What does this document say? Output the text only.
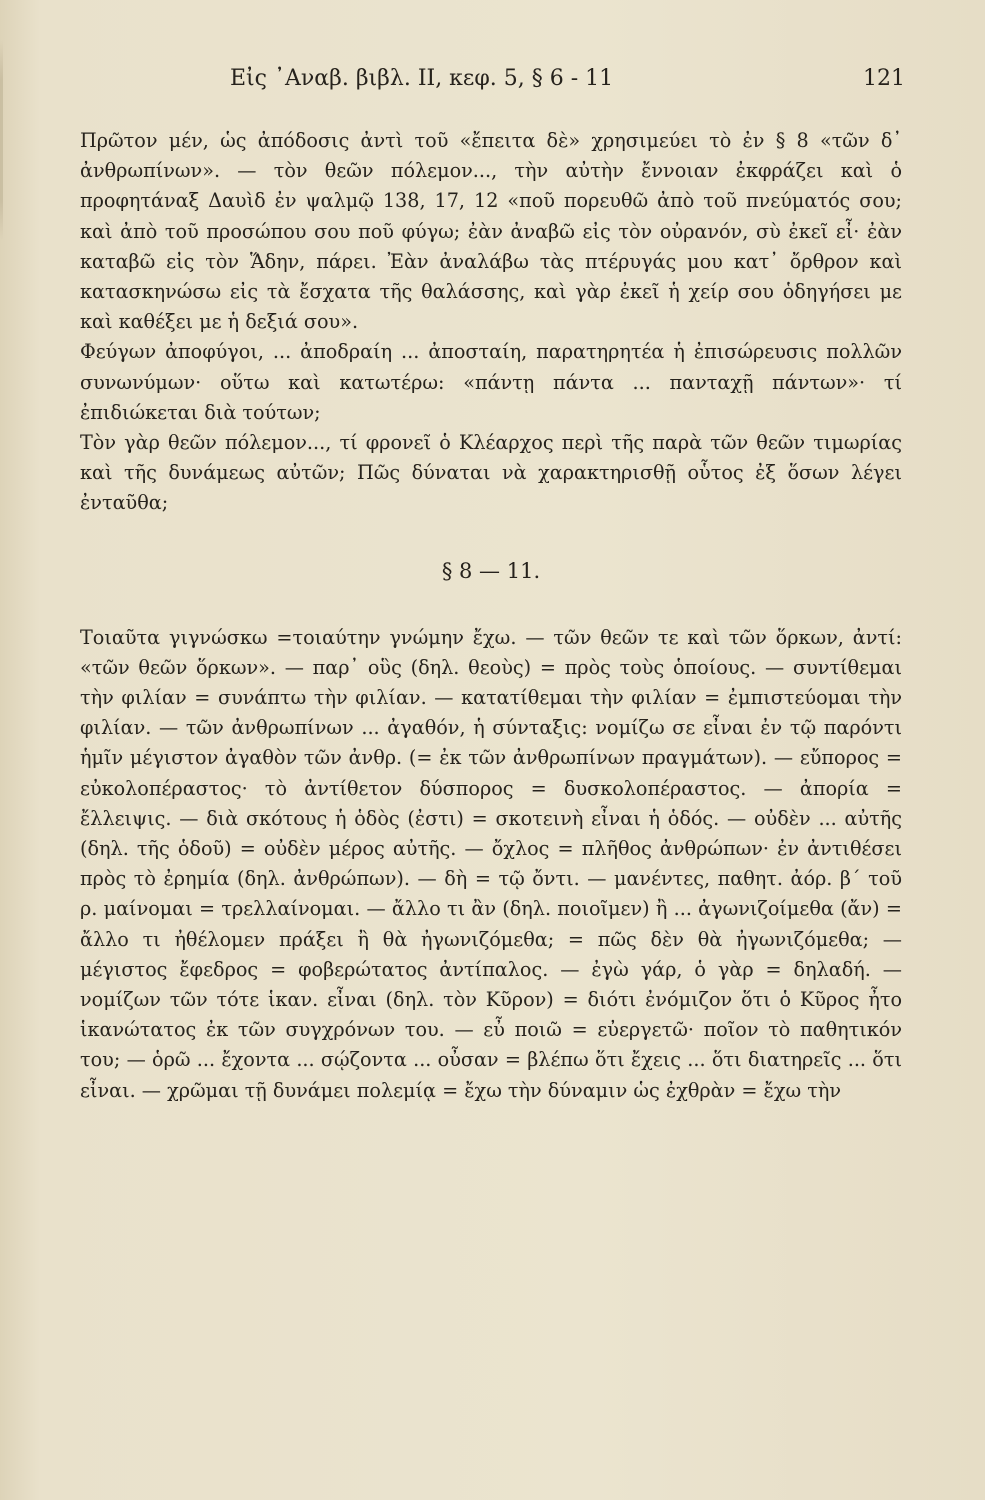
Εἰς ᾿Αναβ. βιβλ. ΙΙ, κεφ. 5, § 6 - 11	121

Πρῶτον μέν, ὡς ἀπόδοσις ἀντὶ τοῦ «ἔπειτα δὲ» χρησιμεύει τὸ ἐν § 8 «τῶν δ᾽ ἀνθρωπίνων». — τὸν θεῶν πόλεμον..., τὴν αὐτὴν ἔννοιαν ἐκφράζει καὶ ὁ προφητάναξ Δαυὶδ ἐν ψαλμῷ 138, 17, 12 «ποῦ πορευθῶ ἀπὸ τοῦ πνεύματός σου; καὶ ἀπὸ τοῦ προσώπου σου ποῦ φύγω; ἐὰν ἀναβῶ εἰς τὸν οὐρανόν, σὺ ἐκεῖ εἶ· ἐὰν καταβῶ εἰς τὸν Ἅδην, πάρει. Ἐὰν ἀναλάβω τὰς πτέρυγάς μου κατ᾽ ὄρθρον καὶ κατασκηνώσω εἰς τὰ ἔσχατα τῆς θαλάσσης, καὶ γὰρ ἐκεῖ ἡ χείρ σου ὁδηγήσει με καὶ καθέξει με ἡ δεξιά σου».

Φεύγων ἀποφύγοι, ... ἀποδραίη ... ἀποσταίη, παρατηρητέα ἡ ἐπισώρευσις πολλῶν συνωνύμων· οὕτω καὶ κατωτέρω: «πάντῃ πάντα ... πανταχῇ πάντων»· τί ἐπιδιώκεται διὰ τούτων;

Τὸν γὰρ θεῶν πόλεμον..., τί φρονεῖ ὁ Κλέαρχος περὶ τῆς παρὰ τῶν θεῶν τιμωρίας καὶ τῆς δυνάμεως αὐτῶν; Πῶς δύναται νὰ χαρακτηρισθῇ οὗτος ἐξ ὅσων λέγει ἐνταῦθα;

§ 8 — 11.

Τοιαῦτα γιγνώσκω =τοιαύτην γνώμην ἔχω. — τῶν θεῶν τε καὶ τῶν ὅρκων, ἀντί: «τῶν θεῶν ὅρκων». — παρ᾽ οὓς (δηλ. θεοὺς) = πρὸς τοὺς ὁποίους. — συντίθεμαι τὴν φιλίαν = συνάπτω τὴν φιλίαν. — κατατίθεμαι τὴν φιλίαν = ἐμπιστεύομαι τὴν φιλίαν. — τῶν ἀνθρωπίνων ... ἀγαθόν, ἡ σύνταξις: νομίζω σε εἶναι ἐν τῷ παρόντι ἡμῖν μέγιστον ἀγαθὸν τῶν ἀνθρ. (= ἐκ τῶν ἀνθρωπίνων πραγμάτων). — εὔπορος = εὐκολοπέραστος· τὸ ἀντίθετον δύσπορος = δυσκολοπέραστος. — ἀπορία = ἔλλειψις. — διὰ σκότους ἡ ὁδὸς (ἐστι) = σκοτεινὴ εἶναι ἡ ὁδός. — οὐδὲν ... αὐτῆς (δηλ. τῆς ὁδοῦ) = οὐδὲν μέρος αὐτῆς. — ὄχλος = πλῆθος ἀνθρώπων· ἐν ἀντιθέσει πρὸς τὸ ἐρημία (δηλ. ἀνθρώπων). — δὴ = τῷ ὄντι. — μανέντες, παθητ. ἀόρ. β´ τοῦ ρ. μαίνομαι = τρελλαίνομαι. — ἄλλο τι ἂν (δηλ. ποιοῖμεν) ἢ ... ἀγωνιζοίμεθα (ἄν) = ἄλλο τι ἠθέλομεν πράξει ἢ θὰ ἠγωνιζόμεθα; = πῶς δὲν θὰ ἠγωνιζόμεθα; — μέγιστος ἔφεδρος = φοβερώτατος ἀντίπαλος. — ἐγὼ γάρ, ὁ γὰρ = δηλαδή. — νομίζων τῶν τότε ἱκαν. εἶναι (δηλ. τὸν Κῦρον) = διότι ἐνόμιζον ὅτι ὁ Κῦρος ἦτο ἱκανώτατος ἐκ τῶν συγχρόνων του. — εὖ ποιῶ = εὐεργετῶ· ποῖον τὸ παθητικόν του; — ὁρῶ ... ἔχοντα ... σῴζοντα ... οὖσαν = βλέπω ὅτι ἔχεις ... ὅτι διατηρεῖς ... ὅτι εἶναι. — χρῶμαι τῇ δυνάμει πολεμίᾳ = ἔχω τὴν δύναμιν ὡς ἐχθρὰν = ἔχω τὴν
